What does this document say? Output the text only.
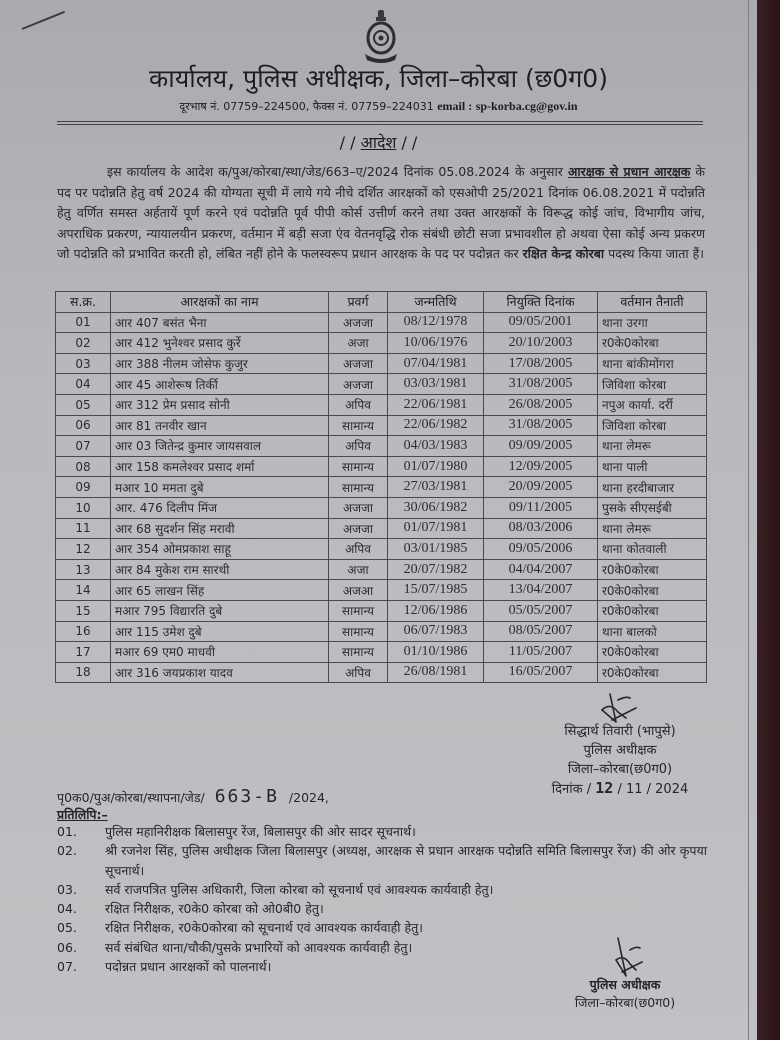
कार्यालय, पुलिस अधीक्षक, जिला–कोरबा (छ0ग0)
दूरभाष नं. 07759–224500, फैक्स नं. 07759–224031 email : sp-korba.cg@gov.in
/ / आदेश / /
इस कार्यालय के आदेश क/पुअ/कोरबा/स्था/जेड/663–ए/2024 दिनांक 05.08.2024 के अनुसार आरक्षक से प्रधान आरक्षक के पद पर पदोन्नति हेतु वर्ष 2024 की योग्यता सूची में लाये गये नीचे दर्शित आरक्षकों को एसओपी 25/2021 दिनांक 06.08.2021 में पदोन्नति हेतु वर्णित समस्त अर्हतायें पूर्ण करने एवं पदोन्नति पूर्व पीपी कोर्स उत्तीर्ण करने तथा उक्त आरक्षकों के विरूद्ध कोई जांच, विभागीय जांच, अपराधिक प्रकरण, न्यायालयीन प्रकरण, वर्तमान में बड़ी सजा एंव वेतनवृद्धि रोक संबंधी छोटी सजा प्रभावशील हो अथवा ऐसा कोई अन्य प्रकरण जो पदोन्नति को प्रभावित करती हो, लंबित नहीं होने के फलस्वरूप प्रधान आरक्षक के पद पर पदोन्नत कर रक्षित केन्द्र कोरबा पदस्थ किया जाता हैं।
स.क्र.	आरक्षकों का नाम	प्रवर्ग	जन्मतिथि	नियुक्ति दिनांक	वर्तमान तैनाती
01	आर 407 बसंत भैना	अजजा	08/12/1978	09/05/2001	थाना उरगा
02	आर 412 भुनेश्वर प्रसाद कुर्रे	अजा	10/06/1976	20/10/2003	र0के0कोरबा
03	आर 388 नीलम जोसेफ कुजुर	अजजा	07/04/1981	17/08/2005	थाना बांकीमोंगरा
04	आर 45 आशेरूष तिर्की	अजजा	03/03/1981	31/08/2005	जिविशा कोरबा
05	आर 312 प्रेम प्रसाद सोनी	अपिव	22/06/1981	26/08/2005	नपुअ कार्या. दर्री
06	आर 81 तनवीर खान	सामान्य	22/06/1982	31/08/2005	जिविशा कोरबा
07	आर 03 जितेन्द्र कुमार जायसवाल	अपिव	04/03/1983	09/09/2005	थाना लेमरू
08	आर 158 कमलेश्वर प्रसाद शर्मा	सामान्य	01/07/1980	12/09/2005	थाना पाली
09	मआर 10 ममता दुबे	सामान्य	27/03/1981	20/09/2005	थाना हरदीबाजार
10	आर. 476 दिलीप मिंज	अजजा	30/06/1982	09/11/2005	पुसके सीएसईबी
11	आर 68 सुदर्शन सिंह मरावी	अजजा	01/07/1981	08/03/2006	थाना लेमरू
12	आर 354 ओमप्रकाश साहू	अपिव	03/01/1985	09/05/2006	थाना कोतवाली
13	आर 84 मुकेश राम सारथी	अजा	20/07/1982	04/04/2007	र0के0कोरबा
14	आर 65 लाखन सिंह	अजआ	15/07/1985	13/04/2007	र0के0कोरबा
15	मआर 795 विद्यारति दुबे	सामान्य	12/06/1986	05/05/2007	र0के0कोरबा
16	आर 115 उमेश दुबे	सामान्य	06/07/1983	08/05/2007	थाना बालको
17	मआर 69 एम0 माधवी	सामान्य	01/10/1986	11/05/2007	र0के0कोरबा
18	आर 316 जयप्रकाश यादव	अपिव	26/08/1981	16/05/2007	र0के0कोरबा
सिद्धार्थ तिवारी (भापुसे)
पुलिस अधीक्षक
जिला–कोरबा(छ0ग0)
दिनांक / 12 / 11 / 2024
पृ0क0/पुअ/कोरबा/स्थापना/जेड/ 663-B /2024,
प्रतिलिपि:–
01.	पुलिस महानिरीक्षक बिलासपुर रेंज, बिलासपुर की ओर सादर सूचनार्थ।
02.	श्री रजनेश सिंह, पुलिस अधीक्षक जिला बिलासपुर (अध्यक्ष, आरक्षक से प्रधान आरक्षक पदोन्नति समिति बिलासपुर रेंज) की ओर कृपया सूचनार्थ।
03.	सर्व राजपत्रित पुलिस अधिकारी, जिला कोरबा को सूचनार्थ एवं आवश्यक कार्यवाही हेतु।
04.	रक्षित निरीक्षक, र0के0 कोरबा को ओ0बी0 हेतु।
05.	रक्षित निरीक्षक, र0के0कोरबा को सूचनार्थ एवं आवश्यक कार्यवाही हेतु।
06.	सर्व संबंधित थाना/चौकी/पुसके प्रभारियों को आवश्यक कार्यवाही हेतु।
07.	पदोन्नत प्रधान आरक्षकों को पालनार्थ।
पुलिस अधीक्षक
जिला–कोरबा(छ0ग0)
